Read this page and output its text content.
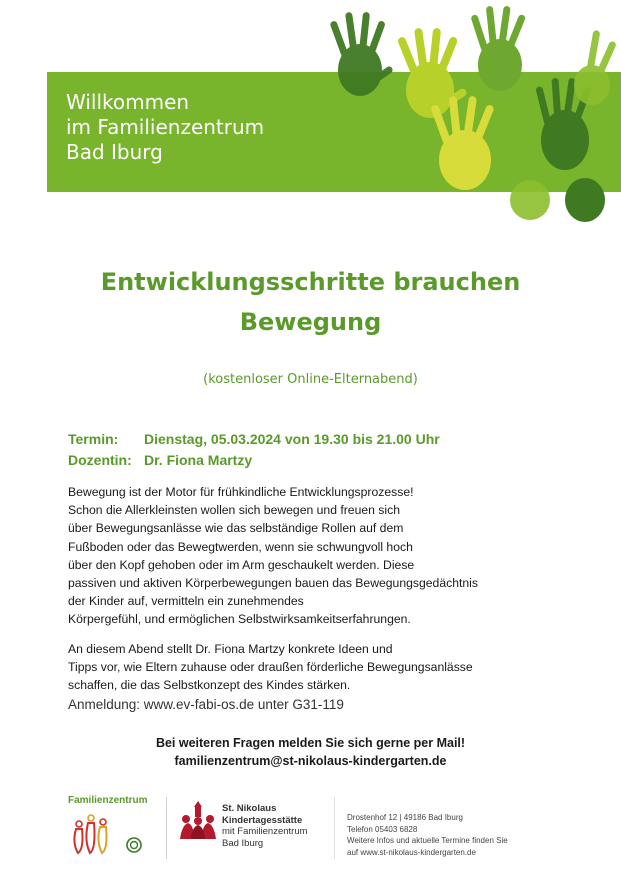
Willkommen
im Familienzentrum
Bad Iburg
Entwicklungsschritte brauchen
Bewegung
(kostenloser Online-Elternabend)
Termin:	Dienstag, 05.03.2024 von 19.30 bis 21.00 Uhr
Dozentin: Dr. Fiona Martzy

Bewegung ist der Motor für frühkindliche Entwicklungsprozesse!
Schon die Allerkleinsten wollen sich bewegen und freuen sich
über Bewegungsanlässe wie das selbständige Rollen auf dem
Fußboden oder das Bewegtwerden, wenn sie schwungvoll hoch
über den Kopf gehoben oder im Arm geschaukelt werden. Diese
passiven und aktiven Körperbewegungen bauen das Bewegungsgedächtnis
der Kinder auf, vermitteln ein zunehmendes
Körpergefühl, und ermöglichen Selbstwirksamkeitserfahrungen.

An diesem Abend stellt Dr. Fiona Martzy konkrete Ideen und
Tipps vor, wie Eltern zuhause oder draußen förderliche Bewegungsanlässe
schaffen, die das Selbstkonzept des Kindes stärken.

Anmeldung: www.ev-fabi-os.de unter G31-119
Bei weiteren Fragen melden Sie sich gerne per Mail!
familienzentrum@st-nikolaus-kindergarten.de
Familienzentrum
St. Nikolaus
Kindertagesstätte
mit Familienzentrum
Bad Iburg
Drostenhof 12 | 49186 Bad Iburg
Telefon 05403 6828
Weitere Infos und aktuelle Termine finden Sie
auf www.st-nikolaus-kindergarten.de
